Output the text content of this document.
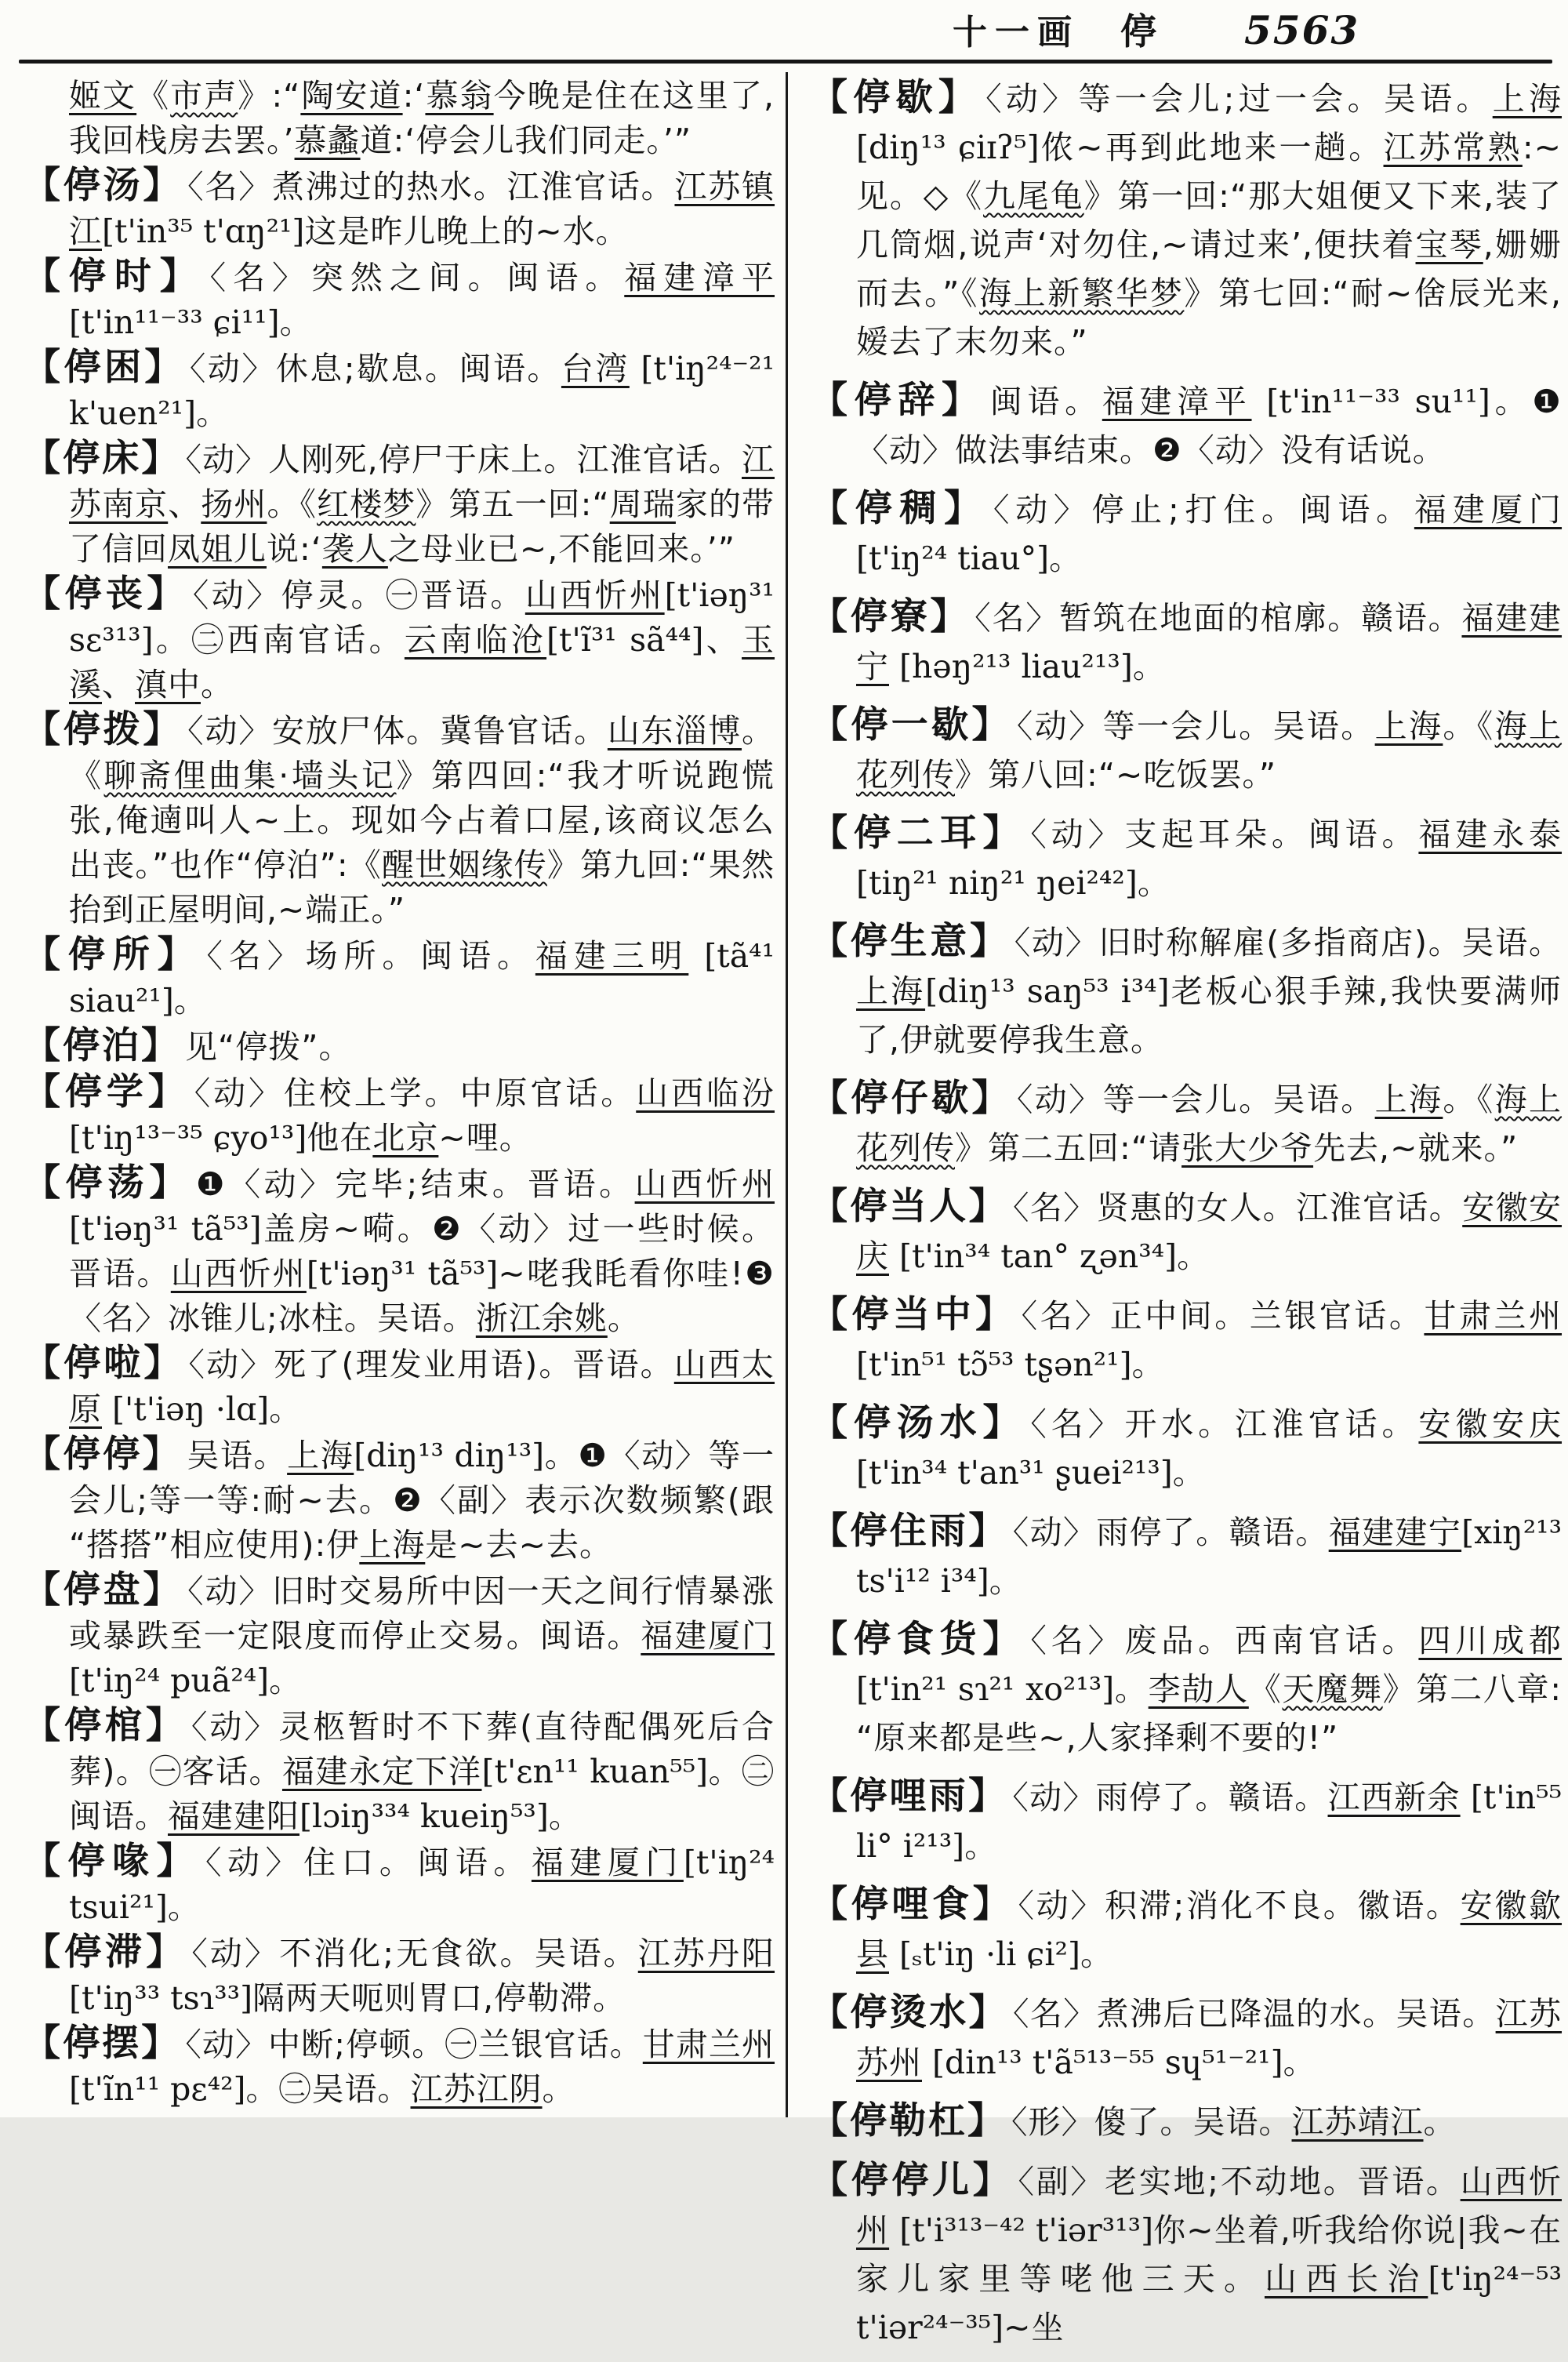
十一画 停 5563
姬文《市声》:“陶安道:‘慕翁今晚是住在这里了,我回栈房去罢。’慕蠡道:‘停会儿我们同走。’”
【停汤】 〈名〉煮沸过的热水。江淮官话。江苏镇江[t'in³⁵ t'ɑŋ²¹]这是昨儿晚上的~水。
【停时】 〈名〉突然之间。闽语。福建漳平 [t'in¹¹⁻³³ ɕi¹¹]。
【停困】 〈动〉休息;歇息。闽语。台湾 [t'iŋ²⁴⁻²¹ k'uen²¹]。
【停床】 〈动〉人刚死,停尸于床上。江淮官话。江苏南京、扬州。《红楼梦》第五一回:“周瑞家的带了信回凤姐儿说:‘袭人之母业已~,不能回来。’”
【停丧】 〈动〉停灵。㊀晋语。山西忻州[t'iəŋ³¹ sɛ³¹³]。㊁西南官话。云南临沧[t'ĩ³¹ sã⁴⁴]、玉溪、滇中。
【停拨】 〈动〉安放尸体。冀鲁官话。山东淄博。《聊斋俚曲集·墙头记》第四回:“我才听说跑慌张,俺遖叫人~上。现如今占着口屋,该商议怎么出丧。”也作“停泊”:《醒世姻缘传》第九回:“果然抬到正屋明间,~端正。”
【停所】 〈名〉场所。闽语。福建三明 [tã⁴¹ siau²¹]。
【停泊】 见“停拨”。
【停学】 〈动〉住校上学。中原官话。山西临汾 [t'iŋ¹³⁻³⁵ ɕyo¹³]他在北京~哩。
【停荡】 ❶〈动〉完毕;结束。晋语。山西忻州 [t'iəŋ³¹ tã⁵³]盖房~嗬。❷〈动〉过一些时候。晋语。山西忻州[t'iəŋ³¹ tã⁵³]~咾我眊看你哇!❸〈名〉冰锥儿;冰柱。吴语。浙江余姚。
【停啦】 〈动〉死了(理发业用语)。晋语。山西太原 ['t'iəŋ ·lɑ]。
【停停】 吴语。上海[diŋ¹³ diŋ¹³]。❶〈动〉等一会儿;等一等:耐~去。❷〈副〉表示次数频繁(跟“搭搭”相应使用):伊上海是~去~去。
【停盘】 〈动〉旧时交易所中因一天之间行情暴涨或暴跌至一定限度而停止交易。闽语。福建厦门 [t'iŋ²⁴ puã²⁴]。
【停棺】 〈动〉灵柩暂时不下葬(直待配偶死后合葬)。㊀客话。福建永定下洋[t'ɛn¹¹ kuan⁵⁵]。㊁闽语。福建建阳[lɔiŋ³³⁴ kueiŋ⁵³]。
【停喙】 〈动〉住口。闽语。福建厦门[t'iŋ²⁴ tsui²¹]。
【停滞】 〈动〉不消化;无食欲。吴语。江苏丹阳 [t'iŋ³³ tsɿ³³]隔两天呃则胃口,停勒滞。
【停摆】 〈动〉中断;停顿。㊀兰银官话。甘肃兰州 [t'ĩn¹¹ pɛ⁴²]。㊁吴语。江苏江阴。
【停歇】 〈动〉等一会儿;过一会。吴语。上海[diŋ¹³ ɕiɪʔ⁵]侬~再到此地来一趟。江苏常熟:~见。◇《九尾龟》第一回:“那大姐便又下来,装了几筒烟,说声‘对勿住,~请过来’,便扶着宝琴,姗姗而去。”《海上新繁华梦》第七回:“耐~倽辰光来,嫒去了末勿来。”
【停辞】 闽语。福建漳平 [t'in¹¹⁻³³ su¹¹]。❶〈动〉做法事结束。❷〈动〉没有话说。
【停稠】 〈动〉停止;打住。闽语。福建厦门 [t'iŋ²⁴ tiau°]。
【停寮】 〈名〉暂筑在地面的棺廓。赣语。福建建宁 [həŋ²¹³ liau²¹³]。
【停一歇】 〈动〉等一会儿。吴语。上海。《海上花列传》第八回:“~吃饭罢。”
【停二耳】 〈动〉支起耳朵。闽语。福建永泰 [tiŋ²¹ niŋ²¹ ŋei²⁴²]。
【停生意】 〈动〉旧时称解雇(多指商店)。吴语。上海[diŋ¹³ saŋ⁵³ i³⁴]老板心狠手辣,我快要满师了,伊就要停我生意。
【停仔歇】 〈动〉等一会儿。吴语。上海。《海上花列传》第二五回:“请张大少爷先去,~就来。”
【停当人】 〈名〉贤惠的女人。江淮官话。安徽安庆 [t'in³⁴ tan° ʐən³⁴]。
【停当中】 〈名〉正中间。兰银官话。甘肃兰州 [t'in⁵¹ tɔ̃⁵³ tʂən²¹]。
【停汤水】 〈名〉开水。江淮官话。安徽安庆 [t'in³⁴ t'an³¹ ʂuei²¹³]。
【停住雨】 〈动〉雨停了。赣语。福建建宁[xiŋ²¹³ ts'i¹² i³⁴]。
【停食货】 〈名〉废品。西南官话。四川成都[t'in²¹ sɿ²¹ xo²¹³]。李劼人《天魔舞》第二八章:“原来都是些~,人家择剩不要的!”
【停哩雨】 〈动〉雨停了。赣语。江西新余 [t'in⁵⁵ li° i²¹³]。
【停哩食】 〈动〉积滞;消化不良。徽语。安徽歙县 [ₛt'iŋ ·li ɕi²]。
【停烫水】 〈名〉煮沸后已降温的水。吴语。江苏苏州 [din¹³ t'ã⁵¹³⁻⁵⁵ sɥ⁵¹⁻²¹]。
【停勒杠】 〈形〉傻了。吴语。江苏靖江。
【停停儿】 〈副〉老实地;不动地。晋语。山西忻州 [t'i³¹³⁻⁴² t'iər³¹³]你~坐着,听我给你说|我~在家儿家里等咾他三天。山西长治[t'iŋ²⁴⁻⁵³ t'iər²⁴⁻³⁵]~坐
